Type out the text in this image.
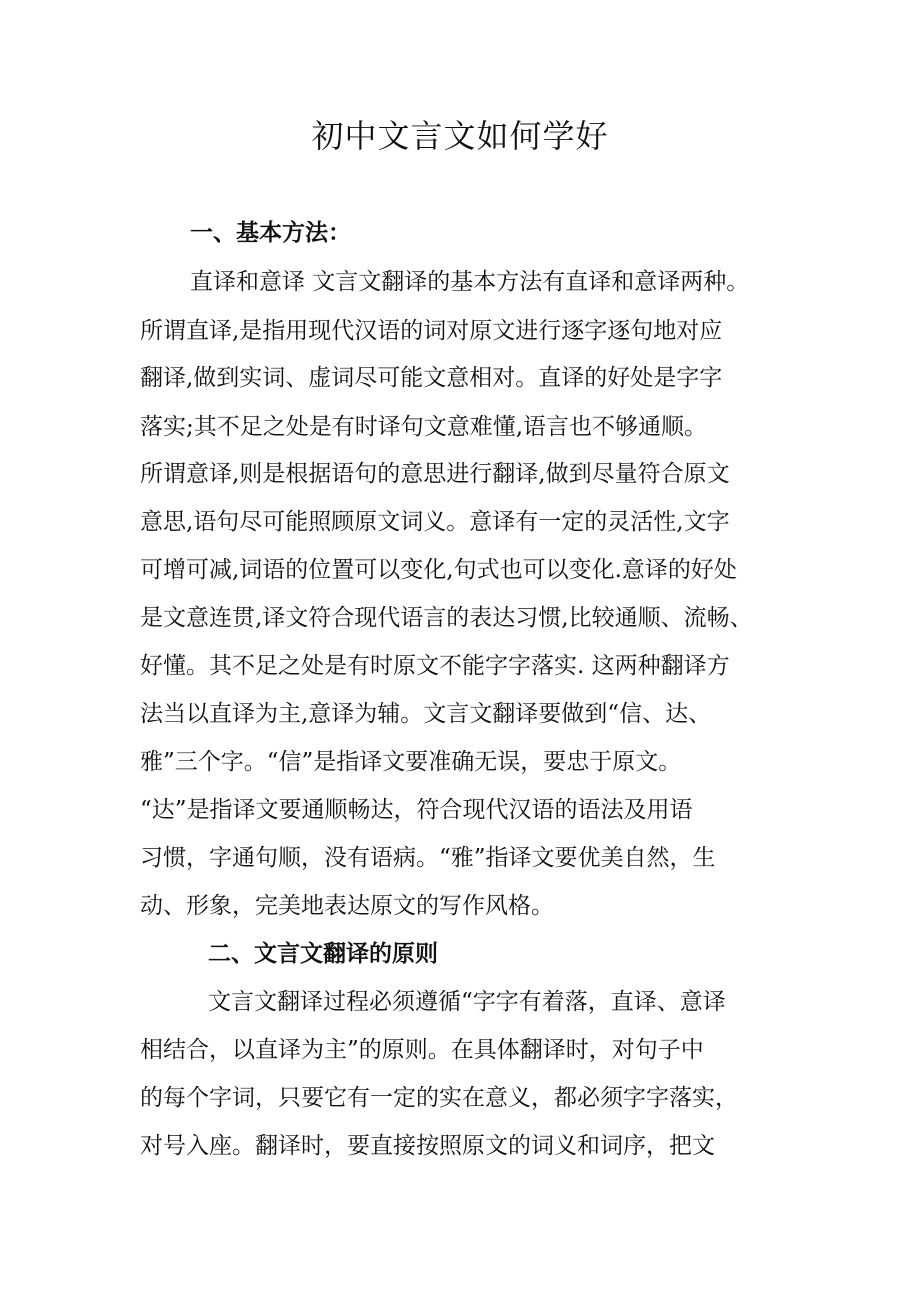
初中文言文如何学好
一、基本方法：
直译和意译 文言文翻译的基本方法有直译和意译两种。
所谓直译,是指用现代汉语的词对原文进行逐字逐句地对应
翻译,做到实词、虚词尽可能文意相对。直译的好处是字字
落实;其不足之处是有时译句文意难懂,语言也不够通顺。
所谓意译,则是根据语句的意思进行翻译,做到尽量符合原文
意思,语句尽可能照顾原文词义。意译有一定的灵活性,文字
可增可减,词语的位置可以变化,句式也可以变化.意译的好处
是文意连贯,译文符合现代语言的表达习惯,比较通顺、流畅、
好懂。其不足之处是有时原文不能字字落实. 这两种翻译方
法当以直译为主,意译为辅。文言文翻译要做到“信、达、
雅”三个字。“信”是指译文要准确无误，要忠于原文。
“达”是指译文要通顺畅达，符合现代汉语的语法及用语
习惯，字通句顺，没有语病。“雅”指译文要优美自然，生
动、形象，完美地表达原文的写作风格。
二、文言文翻译的原则
文言文翻译过程必须遵循“字字有着落，直译、意译
相结合，以直译为主”的原则。在具体翻译时，对句子中
的每个字词，只要它有一定的实在意义，都必须字字落实，
对号入座。翻译时，要直接按照原文的词义和词序，把文
